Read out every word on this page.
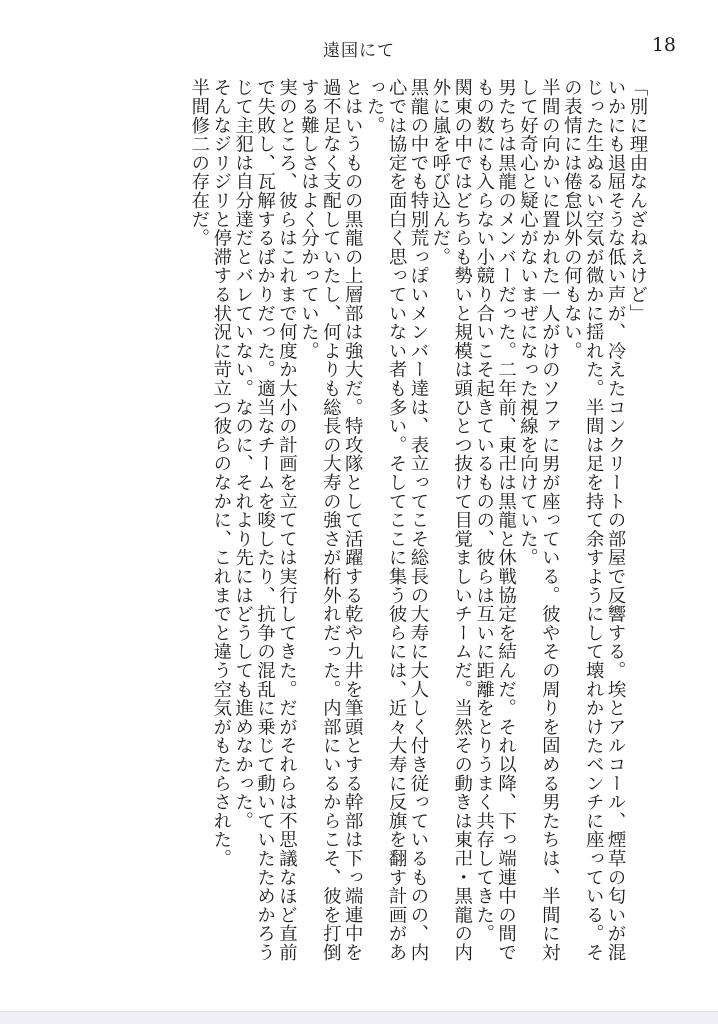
遠国にて	18

「別に理由なんざねえけど」

いかにも退屈そうな低い声が、冷えたコンクリートの部屋で反響する。埃とアルコール、煙草の匂いが混じった生ぬるい空気が微かに揺れた。半間は足を持て余すようにして壊れかけたベンチに座っている。その表情には倦怠以外の何もない。

半間の向かいに置かれた一人がけのソファに男が座っている。彼やその周りを固める男たちは、半間に対して好奇心と疑心がないまぜになった視線を向けていた。

男たちは黒龍のメンバーだった。二年前、東卍は黒龍と休戦協定を結んだ。それ以降、下っ端連中の間でもの数にも入らない小競り合いこそ起きているものの、彼らは互いに距離をとりうまく共存してきた。

関東の中ではどちらも勢いと規模は頭ひとつ抜けて目覚ましいチームだ。当然その動きは東卍・黒龍の内外に嵐を呼び込んだ。

黒龍の中でも特別荒っぽいメンバー達は、表立ってこそ総長の大寿に大人しく付き従っているものの、内心では協定を面白く思っていない者も多い。そしてここに集う彼らには、近々大寿に反旗を翻す計画があった。

とはいうものの黒龍の上層部は強大だ。特攻隊として活躍する乾や九井を筆頭とする幹部は下っ端連中を過不足なく支配していたし、何よりも総長の大寿の強さが桁外れだった。内部にいるからこそ、彼を打倒する難しさはよく分かっていた。

実のところ、彼らはこれまで何度か大小の計画を立てては実行してきた。だがそれらは不思議なほど直前で失敗し、瓦解するばかりだった。適当なチームを唆したり、抗争の混乱に乗じて動いていたためかろうじて主犯は自分達だとバレていない。なのに、それより先にはどうしても進めなかった。

そんなジリジリと停滞する状況に苛立つ彼らのなかに、これまでと違う空気がもたらされた。

半間修二の存在だ。
